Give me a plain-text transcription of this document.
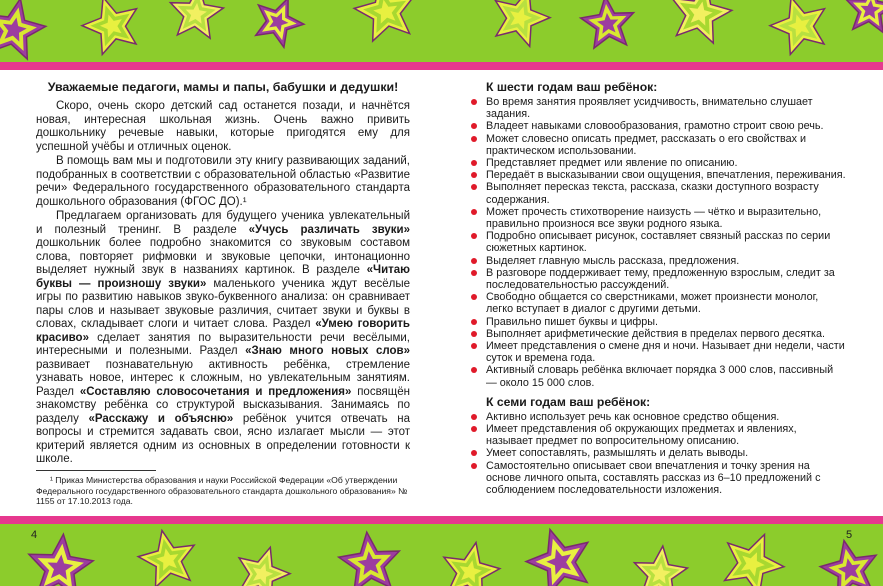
Уважаемые педагоги, мамы и папы, бабушки и дедушки!

Скоро, очень скоро детский сад останется позади, и начнётся новая, интересная школьная жизнь. Очень важно привить дошкольнику речевые навыки, которые пригодятся ему для успешной учёбы и отличных оценок.

В помощь вам мы и подготовили эту книгу развивающих заданий, подобранных в соответствии с образовательной областью «Развитие речи» Федерального государственного образовательного стандарта дошкольного образования (ФГОС ДО).¹

Предлагаем организовать для будущего ученика увлекательный и полезный тренинг. В разделе «Учусь различать звуки» дошкольник более подробно знакомится со звуковым составом слова, повторяет рифмовки и звуковые цепочки, интонационно выделяет нужный звук в названиях картинок. В разделе «Читаю буквы — произношу звуки» маленького ученика ждут весёлые игры по развитию навыков звуко-буквенного анализа: он сравнивает пары слов и называет звуковые различия, считает звуки и буквы в словах, складывает слоги и читает слова. Раздел «Умею говорить красиво» сделает занятия по выразительности речи весёлыми, интересными и полезными. Раздел «Знаю много новых слов» развивает познавательную активность ребёнка, стремление узнавать новое, интерес к сложным, но увлекательным занятиям. Раздел «Составляю словосочетания и предложения» посвящён знакомству ребёнка со структурой высказывания. Занимаясь по разделу «Расскажу и объясню» ребёнок учится отвечать на вопросы и стремится задавать свои, ясно излагает мысли — этот критерий является одним из основных в определении готовности к школе.

¹ Приказ Министерства образования и науки Российской Федерации «Об утверждении Федерального государственного образовательного стандарта дошкольного образования» № 1155 от 17.10.2013 года.
К шести годам ваш ребёнок:
Во время занятия проявляет усидчивость, внимательно слушает задания.
Владеет навыками словообразования, грамотно строит свою речь.
Может словесно описать предмет, рассказать о его свойствах и практическом использовании.
Представляет предмет или явление по описанию.
Передаёт в высказывании свои ощущения, впечатления, переживания.
Выполняет пересказ текста, рассказа, сказки доступного возрасту содержания.
Может прочесть стихотворение наизусть — чётко и выразительно, правильно произнося все звуки родного языка.
Подробно описывает рисунок, составляет связный рассказ по серии сюжетных картинок.
Выделяет главную мысль рассказа, предложения.
В разговоре поддерживает тему, предложенную взрослым, следит за последовательностью рассуждений.
Свободно общается со сверстниками, может произнести монолог, легко вступает в диалог с другими детьми.
Правильно пишет буквы и цифры.
Выполняет арифметические действия в пределах первого десятка.
Имеет представления о смене дня и ночи. Называет дни недели, части суток и времена года.
Активный словарь ребёнка включает порядка 3 000 слов, пассивный — около 15 000 слов.
К семи годам ваш ребёнок:
Активно использует речь как основное средство общения.
Имеет представления об окружающих предметах и явлениях, называет предмет по вопросительному описанию.
Умеет сопоставлять, размышлять и делать выводы.
Самостоятельно описывает свои впечатления и точку зрения на основе личного опыта, составлять рассказ из 6–10 предложений с соблюдением последовательности изложения.
4	5
